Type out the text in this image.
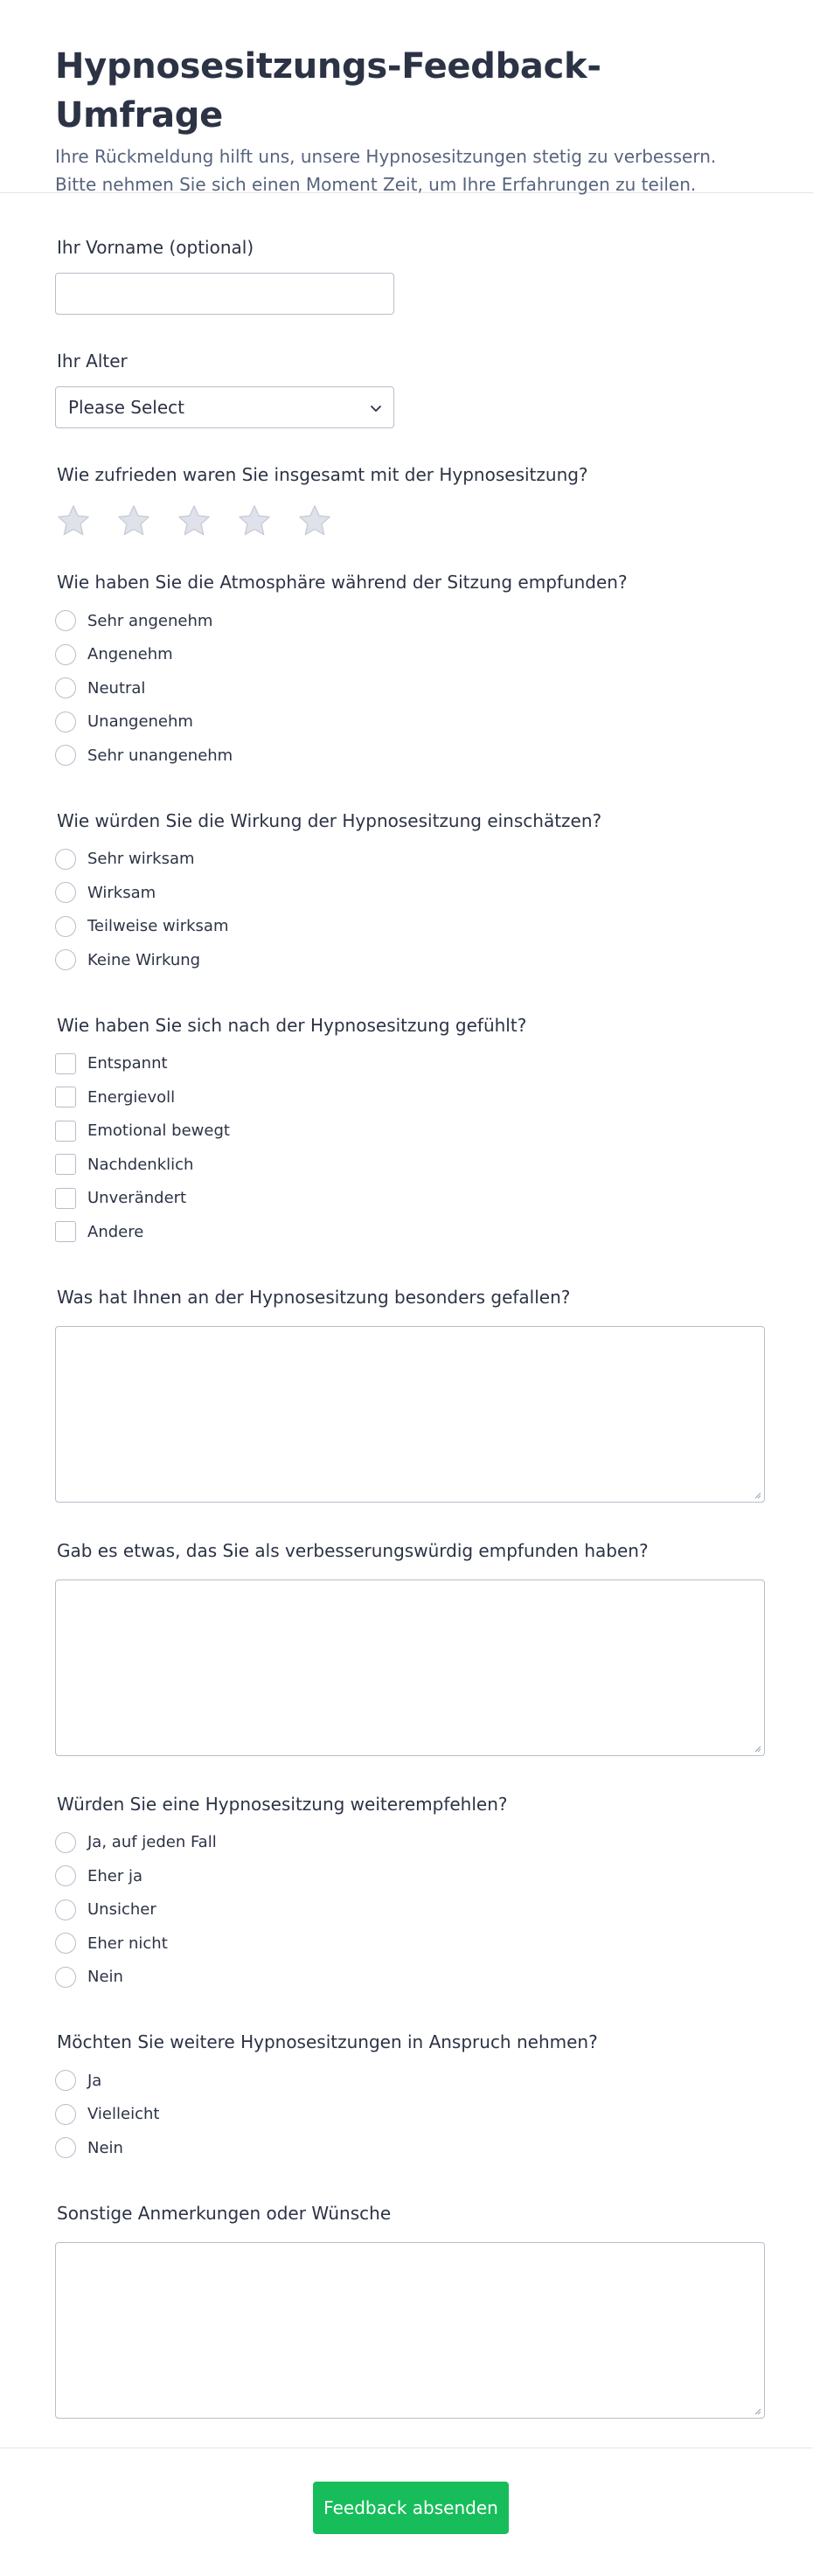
Hypnosesitzungs-Feedback-Umfrage

Ihre Rückmeldung hilft uns, unsere Hypnosesitzungen stetig zu verbessern. Bitte nehmen Sie sich einen Moment Zeit, um Ihre Erfahrungen zu teilen.

Ihr Vorname (optional)
Ihr Alter
Please Select
Wie zufrieden waren Sie insgesamt mit der Hypnosesitzung?
Wie haben Sie die Atmosphäre während der Sitzung empfunden?
Sehr angenehm
Angenehm
Neutral
Unangenehm
Sehr unangenehm
Wie würden Sie die Wirkung der Hypnosesitzung einschätzen?
Sehr wirksam
Wirksam
Teilweise wirksam
Keine Wirkung
Wie haben Sie sich nach der Hypnosesitzung gefühlt?
Entspannt
Energievoll
Emotional bewegt
Nachdenklich
Unverändert
Andere
Was hat Ihnen an der Hypnosesitzung besonders gefallen?
Gab es etwas, das Sie als verbesserungswürdig empfunden haben?
Würden Sie eine Hypnosesitzung weiterempfehlen?
Ja, auf jeden Fall
Eher ja
Unsicher
Eher nicht
Nein
Möchten Sie weitere Hypnosesitzungen in Anspruch nehmen?
Ja
Vielleicht
Nein
Sonstige Anmerkungen oder Wünsche
Feedback absenden
